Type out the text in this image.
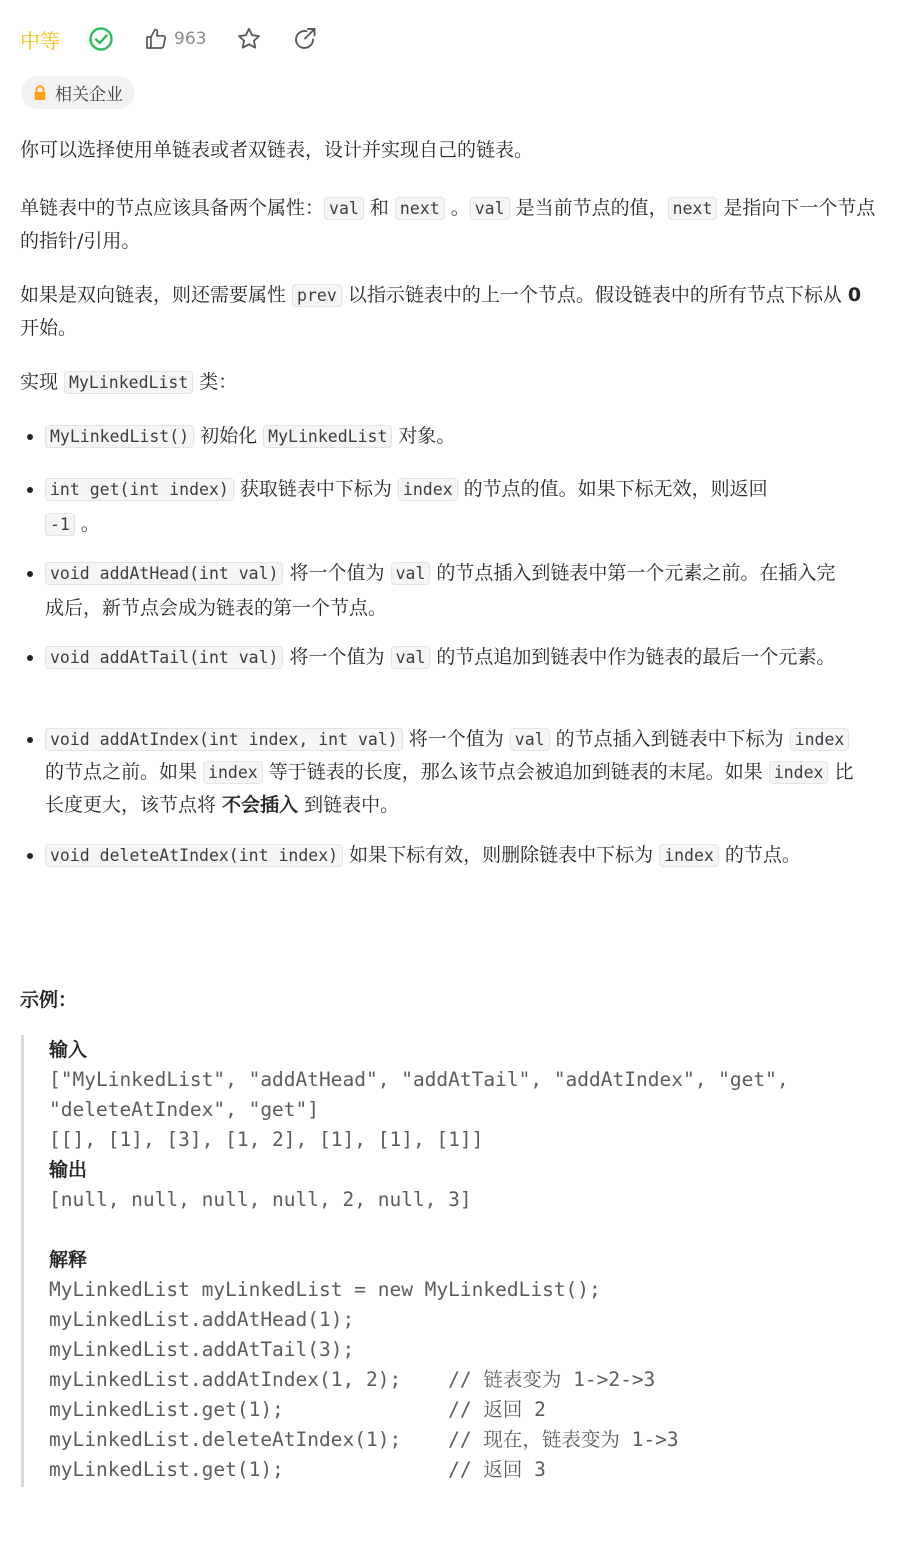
中等	963
相关企业

你可以选择使用单链表或者双链表，设计并实现自己的链表。

单链表中的节点应该具备两个属性： val 和 next 。 val 是当前节点的值， next 是指向下一个节点的指针/引用。

如果是双向链表，则还需要属性 prev 以指示链表中的上一个节点。假设链表中的所有节点下标从 0 开始。

实现 MyLinkedList 类：

• MyLinkedList() 初始化 MyLinkedList 对象。
• int get(int index) 获取链表中下标为 index 的节点的值。如果下标无效，则返回
-1 。
• void addAtHead(int val) 将一个值为 val 的节点插入到链表中第一个元素之前。在插入完成后，新节点会成为链表的第一个节点。
• void addAtTail(int val) 将一个值为 val 的节点追加到链表中作为链表的最后一个元素。
• void addAtIndex(int index, int val) 将一个值为 val 的节点插入到链表中下标为 index 的节点之前。如果 index 等于链表的长度，那么该节点会被追加到链表的末尾。如果 index 比长度更大，该节点将 不会插入 到链表中。
• void deleteAtIndex(int index) 如果下标有效，则删除链表中下标为 index 的节点。
示例：
输入
["MyLinkedList", "addAtHead", "addAtTail", "addAtIndex", "get",
"deleteAtIndex", "get"]
[[], [1], [3], [1, 2], [1], [1], [1]]
输出
[null, null, null, null, 2, null, 3]
解释
MyLinkedList myLinkedList = new MyLinkedList();
myLinkedList.addAtHead(1);
myLinkedList.addAtTail(3);
myLinkedList.addAtIndex(1, 2);    // 链表变为 1->2->3
myLinkedList.get(1);              // 返回 2
myLinkedList.deleteAtIndex(1);    // 现在，链表变为 1->3
myLinkedList.get(1);              // 返回 3
